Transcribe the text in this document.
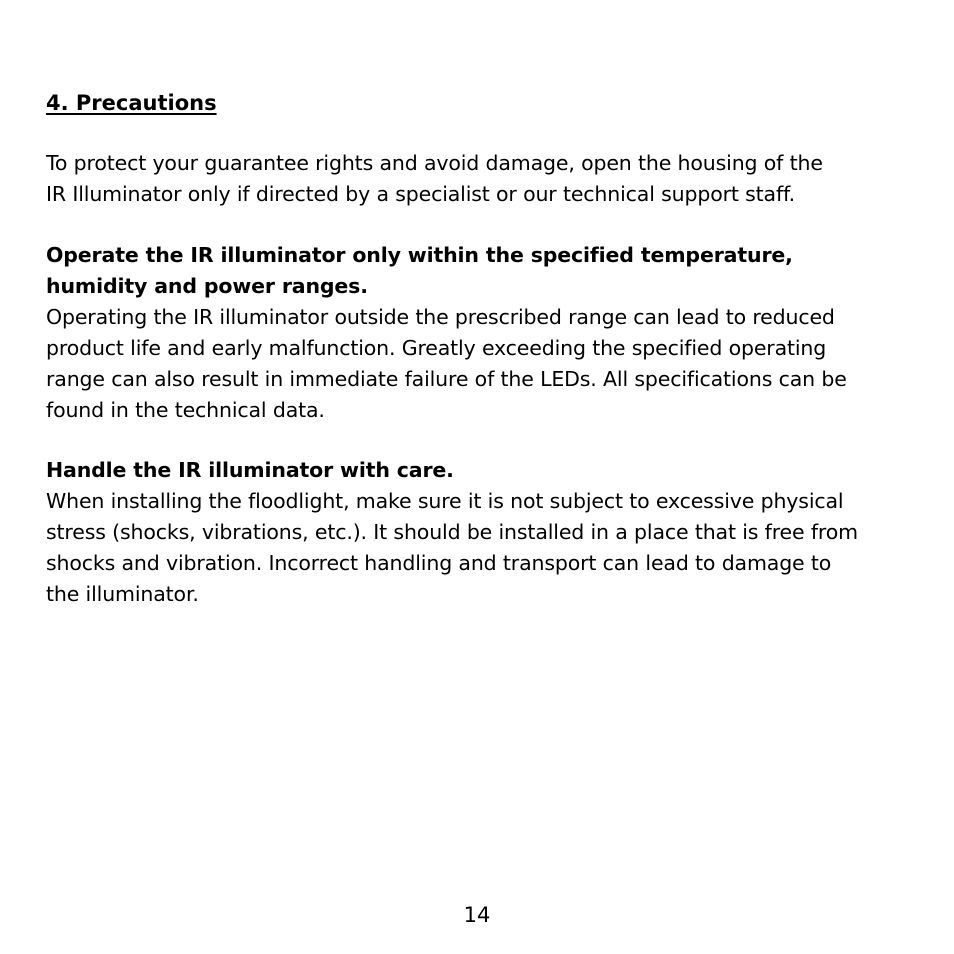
4. Precautions

To protect your guarantee rights and avoid damage, open the housing of the
IR Illuminator only if directed by a specialist or our technical support staff.

Operate the IR illuminator only within the specified temperature,
humidity and power ranges.

Operating the IR illuminator outside the prescribed range can lead to reduced
product life and early malfunction. Greatly exceeding the specified operating
range can also result in immediate failure of the LEDs. All specifications can be
found in the technical data.

Handle the IR illuminator with care.

When installing the floodlight, make sure it is not subject to excessive physical
stress (shocks, vibrations, etc.). It should be installed in a place that is free from
shocks and vibration. Incorrect handling and transport can lead to damage to
the illuminator.

14
